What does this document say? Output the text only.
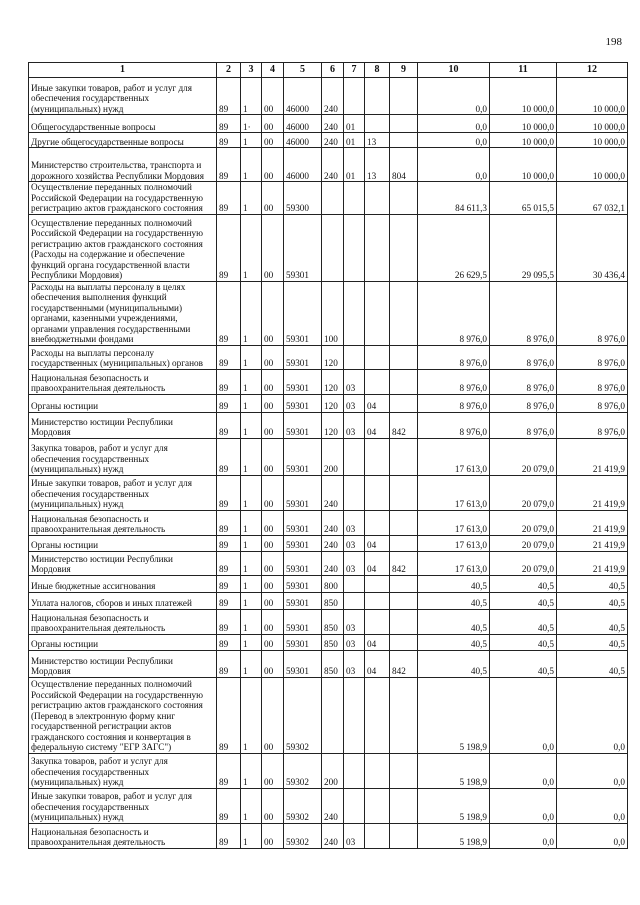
198
1	2	3	4	5	6	7	8	9	10	11	12
Иные закупки товаров, работ и услуг для обеспечения государственных (муниципальных) нужд	89	1	00	46000	240				0,0	10 000,0	10 000,0
Общегосударственные вопросы	89	1·	00	46000	240	01			0,0	10 000,0	10 000,0
Другие общегосударственные вопросы	89	1	00	46000	240	01	13		0,0	10 000,0	10 000,0
Министерство строительства, транспорта и дорожного хозяйства Республики Мордовия	89	1	00	46000	240	01	13	804	0,0	10 000,0	10 000,0
Осуществление переданных полномочий Российской Федерации на государственную регистрацию актов гражданского состояния	89	1	00	59300					84 611,3	65 015,5	67 032,1
Осуществление переданных полномочий Российской Федерации на государственную регистрацию актов гражданского состояния (Расходы на содержание и обеспечение функций органа государственной власти Республики Мордовия)	89	1	00	59301					26 629,5	29 095,5	30 436,4
Расходы на выплаты персоналу в целях обеспечения выполнения функций государственными (муниципальными) органами, казенными учреждениями, органами управления государственными внебюджетными фондами	89	1	00	59301	100				8 976,0	8 976,0	8 976,0
Расходы на выплаты персоналу государственных (муниципальных) органов	89	1	00	59301	120				8 976,0	8 976,0	8 976,0
Национальная безопасность и правоохранительная деятельность	89	1	00	59301	120	03			8 976,0	8 976,0	8 976,0
Органы юстиции	89	1	00	59301	120	03	04		8 976,0	8 976,0	8 976,0
Министерство юстиции Республики Мордовия	89	1	00	59301	120	03	04	842	8 976,0	8 976,0	8 976,0
Закупка товаров, работ и услуг для обеспечения государственных (муниципальных) нужд	89	1	00	59301	200				17 613,0	20 079,0	21 419,9
Иные закупки товаров, работ и услуг для обеспечения государственных (муниципальных) нужд	89	1	00	59301	240				17 613,0	20 079,0	21 419,9
Национальная безопасность и правоохранительная деятельность	89	1	00	59301	240	03			17 613,0	20 079,0	21 419,9
Органы юстиции	89	1	00	59301	240	03	04		17 613,0	20 079,0	21 419,9
Министерство юстиции Республики Мордовия	89	1	00	59301	240	03	04	842	17 613,0	20 079,0	21 419,9
Иные бюджетные ассигнования	89	1	00	59301	800				40,5	40,5	40,5
Уплата налогов, сборов и иных платежей	89	1	00	59301	850				40,5	40,5	40,5
Национальная безопасность и правоохранительная деятельность	89	1	00	59301	850	03			40,5	40,5	40,5
Органы юстиции	89	1	00	59301	850	03	04		40,5	40,5	40,5
Министерство юстиции Республики Мордовия	89	1	00	59301	850	03	04	842	40,5	40,5	40,5
Осуществление переданных полномочий Российской Федерации на государственную регистрацию актов гражданского состояния (Перевод в электронную форму книг государственной регистрации актов гражданского состояния и конвертация в федеральную систему "ЕГР ЗАГС")	89	1	00	59302					5 198,9	0,0	0,0
Закупка товаров, работ и услуг для обеспечения государственных (муниципальных) нужд	89	1	00	59302	200				5 198,9	0,0	0,0
Иные закупки товаров, работ и услуг для обеспечения государственных (муниципальных) нужд	89	1	00	59302	240				5 198,9	0,0	0,0
Национальная безопасность и правоохранительная деятельность	89	1	00	59302	240	03			5 198,9	0,0	0,0
